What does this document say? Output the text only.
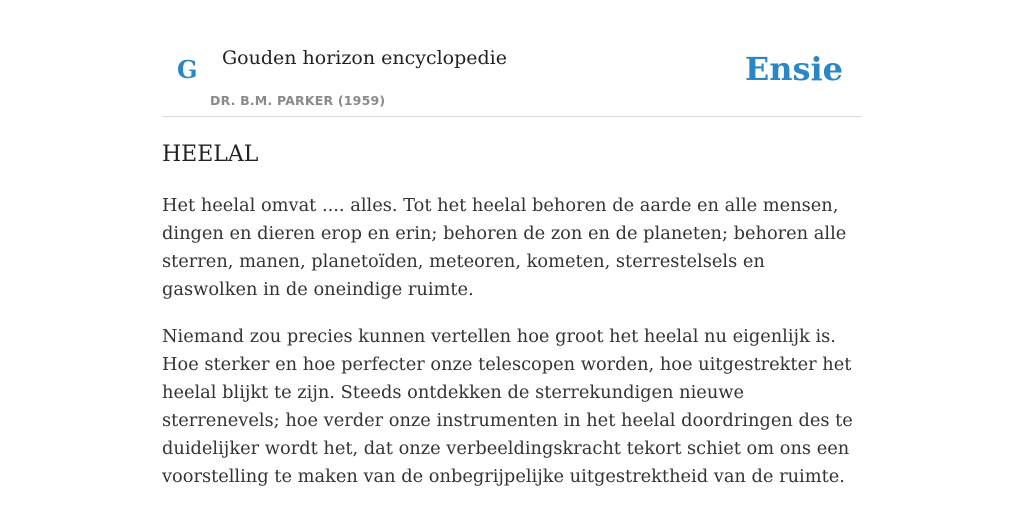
G Gouden horizon encyclopedie
DR. B.M. PARKER (1959)
Ensie
HEELAL

Het heelal omvat .... alles. Tot het heelal behoren de aarde en alle mensen, dingen en dieren erop en erin; behoren de zon en de planeten; behoren alle sterren, manen, planetoïden, meteoren, kometen, sterrestelsels en gaswolken in de oneindige ruimte.

Niemand zou precies kunnen vertellen hoe groot het heelal nu eigenlijk is. Hoe sterker en hoe perfecter onze telescopen worden, hoe uitgestrekter het heelal blijkt te zijn. Steeds ontdekken de sterrekundigen nieuwe sterrenevels; hoe verder onze instrumenten in het heelal doordringen des te duidelijker wordt het, dat onze verbeeldingskracht tekort schiet om ons een voorstelling te maken van de onbegrijpelijke uitgestrektheid van de ruimte.
